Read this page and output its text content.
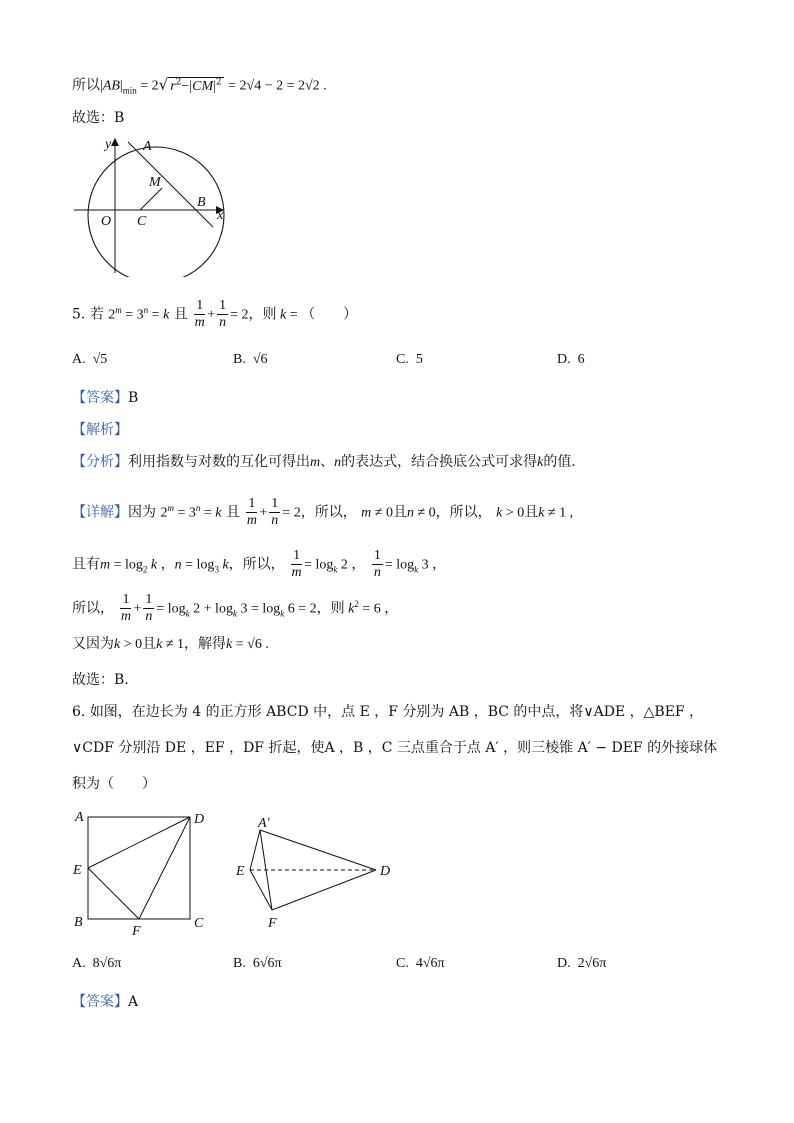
所以$|AB|_{min} = 2√$ $r^2-|CM|^2 = 2√4 - 2 = 2√2$ .
故选：B
y
x
A
M
B
O C
5. 若 $2^m = 3^n = k$ 且 $\frac{1}{m} + \frac{1}{n} = 2$，则 k = （　　）
A. √5	B. √6	C. 5	D. 6
【答案】B
【解析】
【分析】利用指数与对数的互化可得出m、n的表达式，结合换底公式可求得k的值.
【详解】因为 $2^m = 3^n = k$ 且 $\frac{1}{m} + \frac{1}{n} = 2$，所以， m ≠ 0且n ≠ 0，所以， k > 0且k ≠ 1 ,
且有$m = \log_2 k$ ，$n = \log_3 k$，所以， $\frac{1}{m} = \log_k 2$ ， $\frac{1}{n} = \log_k 3$ ，
所以， $\frac{1}{m} + \frac{1}{n} = \log_k 2 + \log_k 3 = \log_k 6 = 2$，则 $k^2 = 6$ ，
又因为k > 0且k ≠ 1，解得k = √6 .
故选：B.
6. 如图，在边长为 4 的正方形 ABCD 中，点 E ，F 分别为 AB ，BC 的中点，将∨ADE ，△BEF ，
∨CDF 分别沿 DE ，EF ，DF 折起，使A ，B ，C 三点重合于点 A′ ，则三棱锥 A′ − DEF 的外接球体
积为（　　）
A	D
E
B
F
C
A′
E	D
F
A. 8√6π	B. 6√6π	C. 4√6π	D. 2√6π
【答案】A
